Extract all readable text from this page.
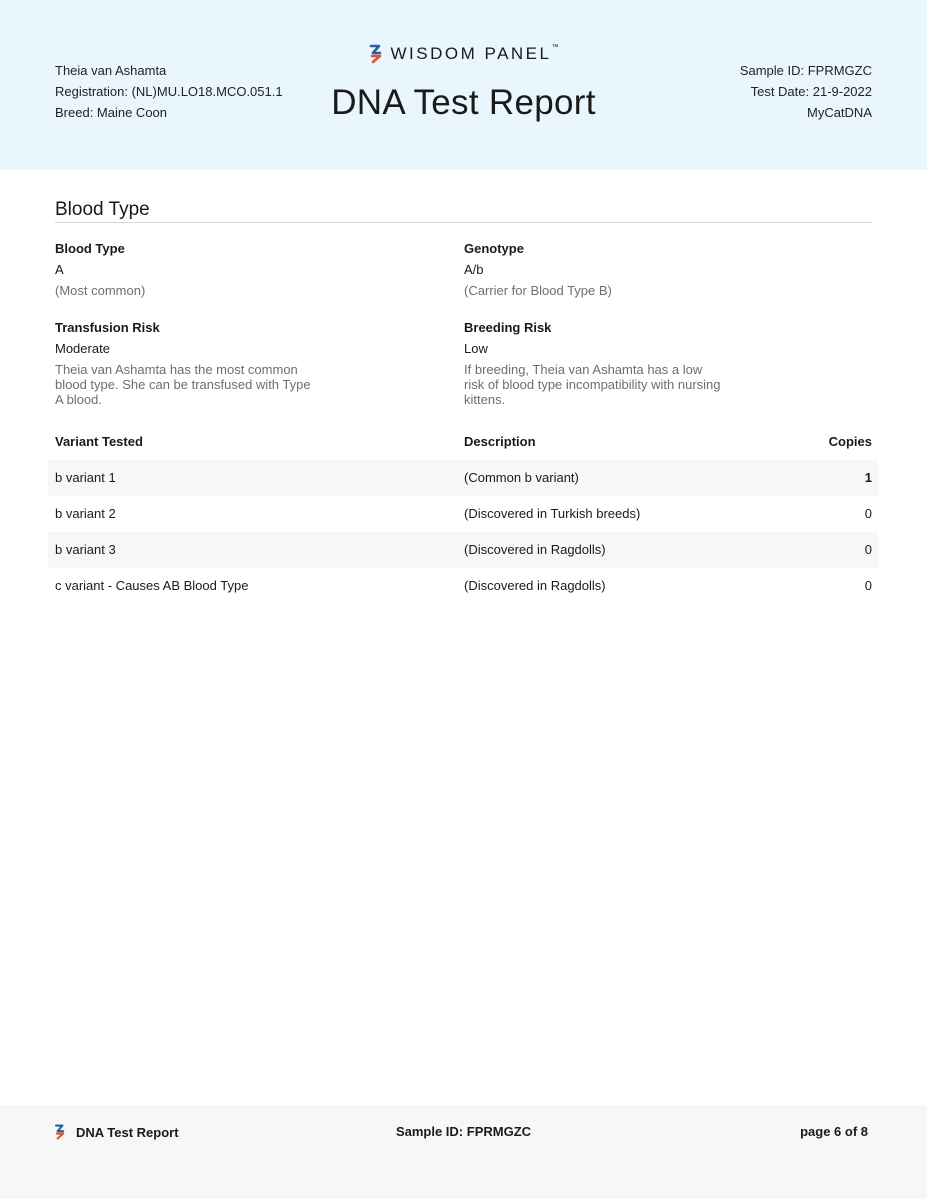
Theia van Ashamta
Registration: (NL)MU.LO18.MCO.051.1
Breed: Maine Coon
WISDOM PANEL™
DNA Test Report
Sample ID: FPRMGZC
Test Date: 21-9-2022
MyCatDNA
Blood Type
Blood Type
A
(Most common)
Genotype
A/b
(Carrier for Blood Type B)
Transfusion Risk
Moderate
Theia van Ashamta has the most common blood type. She can be transfused with Type A blood.
Breeding Risk
Low
If breeding, Theia van Ashamta has a low risk of blood type incompatibility with nursing kittens.
Variant Tested	Description	Copies
b variant 1	(Common b variant)	1
b variant 2	(Discovered in Turkish breeds)	0
b variant 3	(Discovered in Ragdolls)	0
c variant - Causes AB Blood Type	(Discovered in Ragdolls)	0
DNA Test Report	Sample ID: FPRMGZC	page 6 of 8
